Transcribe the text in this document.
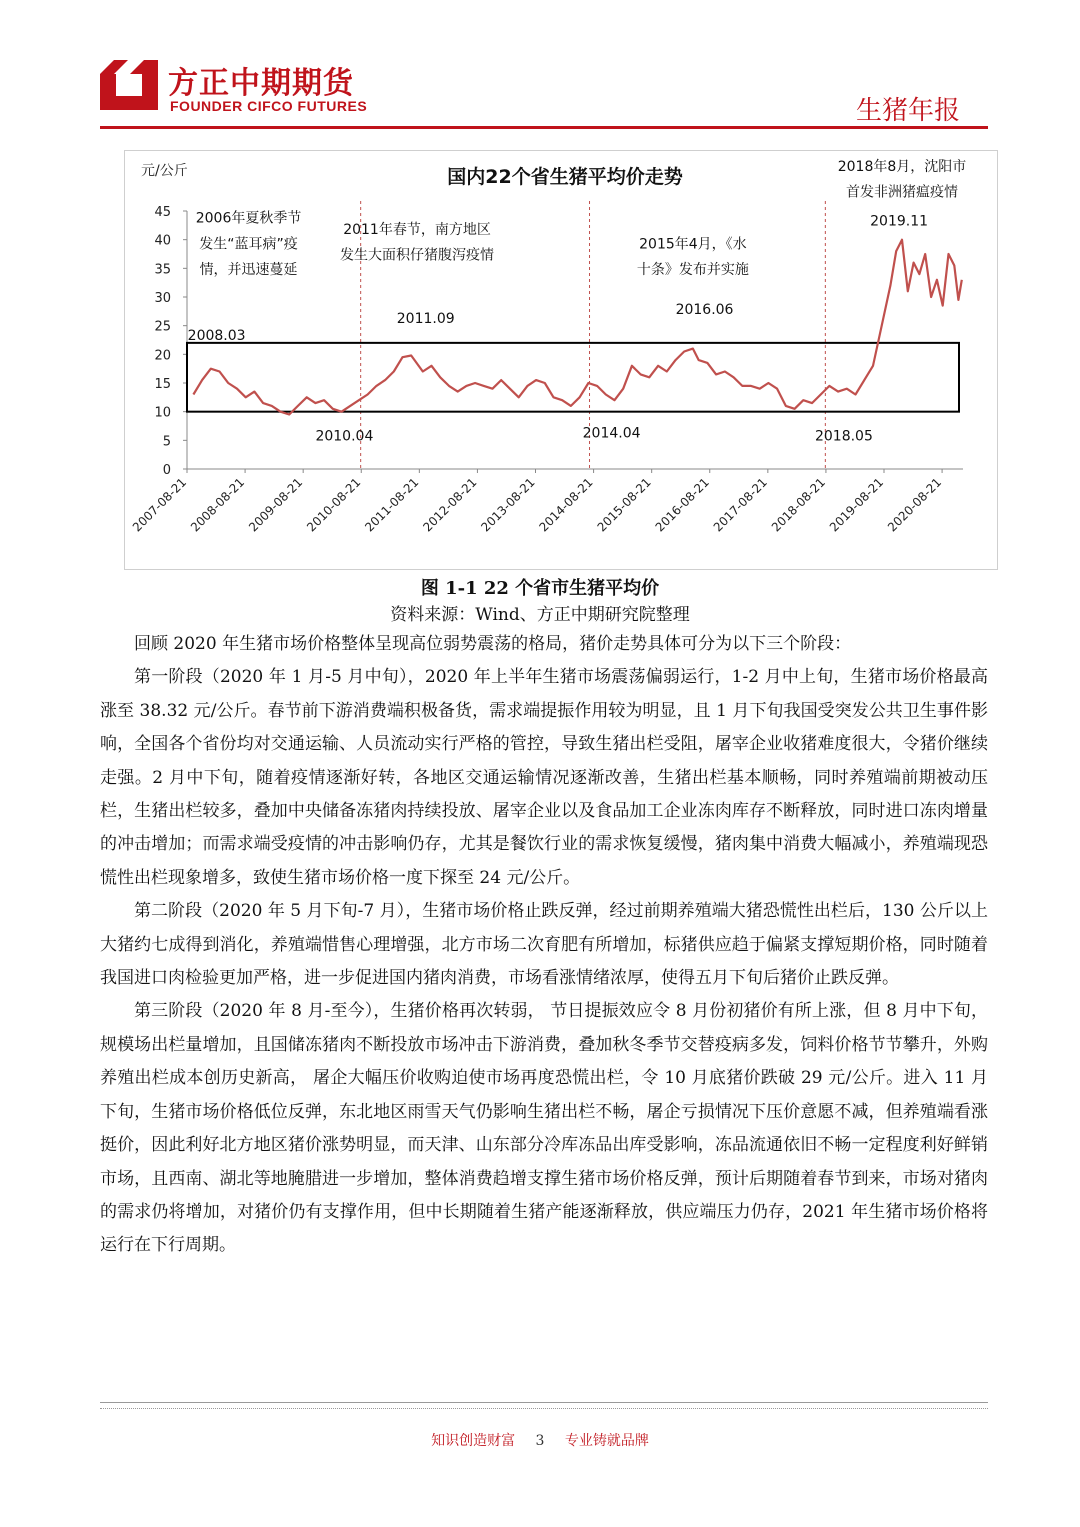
方正中期期货
FOUNDER CIFCO FUTURES	生猪年报
国内22个省生猪平均价走势
元/公斤
0
5
10
15
20
25
30
35
40
45
2007-08-21
2008-08-21
2009-08-21
2010-08-21
2011-08-21
2012-08-21
2013-08-21
2014-08-21
2015-08-21
2016-08-21
2017-08-21
2018-08-21
2019-08-21
2020-08-21
2006年夏秋季节
发生“蓝耳病”疫
情，并迅速蔓延
2011年春节，南方地区
发生大面积仔猪腹泻疫情
2015年4月，《水
十条》发布并实施
2018年8月，沈阳市
首发非洲猪瘟疫情
2019.11
2008.03
2011.09
2016.06
2010.04	2014.04	2018.05
图 1-1 22 个省市生猪平均价
资料来源：Wind、方正中期研究院整理

回顾 2020 年生猪市场价格整体呈现高位弱势震荡的格局，猪价走势具体可分为以下三个阶段：

第一阶段（2020 年 1 月-5 月中旬），2020 年上半年生猪市场震荡偏弱运行，1-2 月中上旬，生猪市场价格最高涨至 38.32 元/公斤。春节前下游消费端积极备货，需求端提振作用较为明显，且 1 月下旬我国受突发公共卫生事件影响，全国各个省份均对交通运输、人员流动实行严格的管控，导致生猪出栏受阻，屠宰企业收猪难度很大，令猪价继续走强。2 月中下旬，随着疫情逐渐好转，各地区交通运输情况逐渐改善，生猪出栏基本顺畅，同时养殖端前期被动压栏，生猪出栏较多，叠加中央储备冻猪肉持续投放、屠宰企业以及食品加工企业冻肉库存不断释放，同时进口冻肉增量的冲击增加；而需求端受疫情的冲击影响仍存，尤其是餐饮行业的需求恢复缓慢，猪肉集中消费大幅减小，养殖端现恐慌性出栏现象增多，致使生猪市场价格一度下探至 24 元/公斤。

第二阶段（2020 年 5 月下旬-7 月），生猪市场价格止跌反弹，经过前期养殖端大猪恐慌性出栏后，130 公斤以上大猪约七成得到消化，养殖端惜售心理增强，北方市场二次育肥有所增加，标猪供应趋于偏紧支撑短期价格，同时随着我国进口肉检验更加严格，进一步促进国内猪肉消费，市场看涨情绪浓厚，使得五月下旬后猪价止跌反弹。

第三阶段（2020 年 8 月-至今），生猪价格再次转弱， 节日提振效应令 8 月份初猪价有所上涨，但 8 月中下旬，规模场出栏量增加，且国储冻猪肉不断投放市场冲击下游消费，叠加秋冬季节交替疫病多发，饲料价格节节攀升，外购养殖出栏成本创历史新高， 屠企大幅压价收购迫使市场再度恐慌出栏，令 10 月底猪价跌破 29 元/公斤。进入 11 月下旬，生猪市场价格低位反弹，东北地区雨雪天气仍影响生猪出栏不畅，屠企亏损情况下压价意愿不减，但养殖端看涨挺价，因此利好北方地区猪价涨势明显，而天津、山东部分冷库冻品出库受影响，冻品流通依旧不畅一定程度利好鲜销市场，且西南、湖北等地腌腊进一步增加，整体消费趋增支撑生猪市场价格反弹，预计后期随着春节到来，市场对猪肉的需求仍将增加，对猪价仍有支撑作用，但中长期随着生猪产能逐渐释放，供应端压力仍存，2021 年生猪市场价格将运行在下行周期。

知识创造财富 3 专业铸就品牌
